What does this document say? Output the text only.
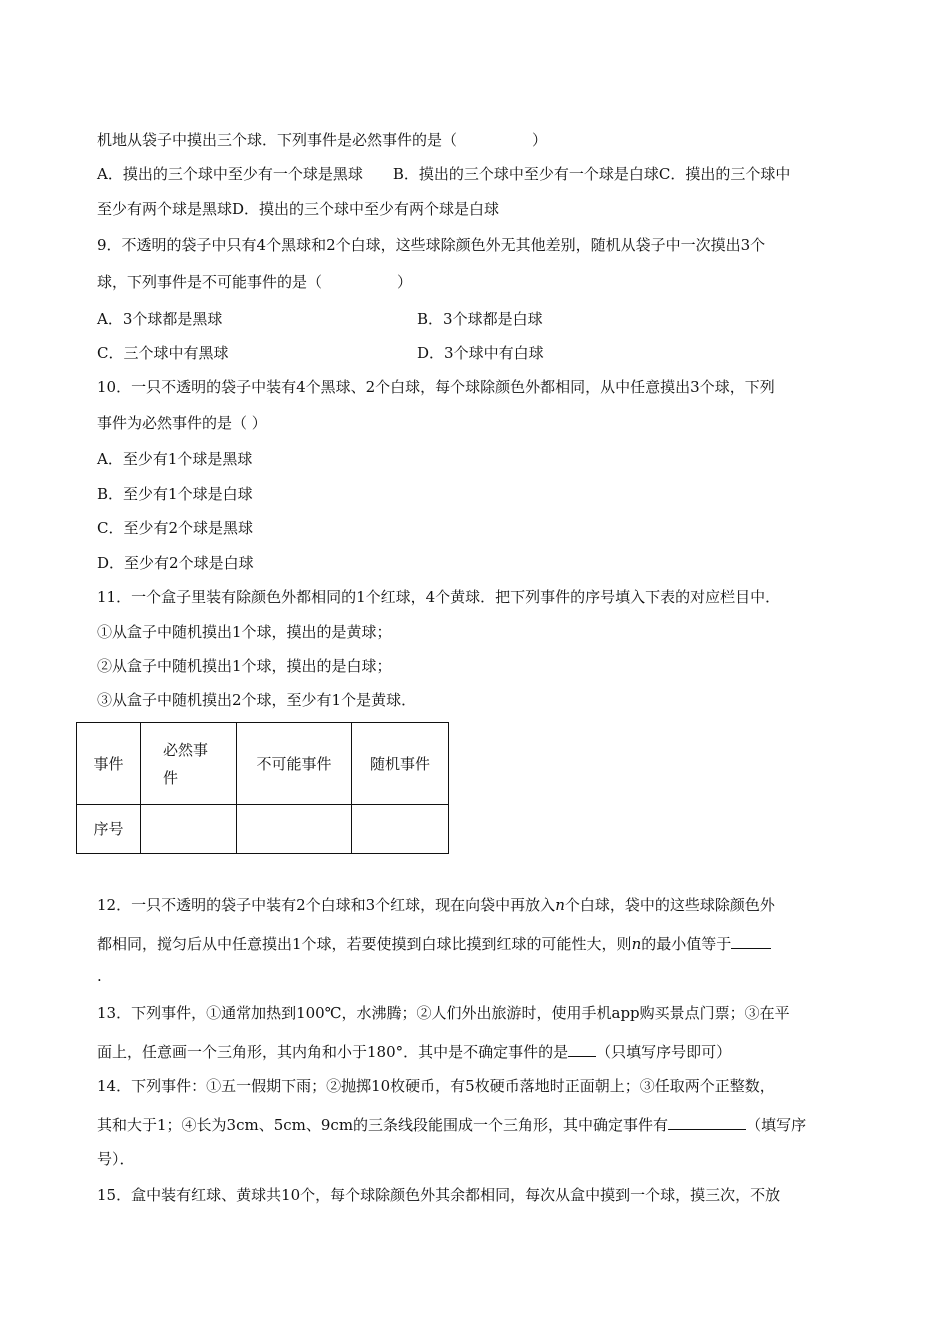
机地从袋子中摸出三个球．下列事件是必然事件的是（　　　　　）
A．摸出的三个球中至少有一个球是黑球　　B．摸出的三个球中至少有一个球是白球C．摸出的三个球中
至少有两个球是黑球D．摸出的三个球中至少有两个球是白球
9．不透明的袋子中只有4个黑球和2个白球，这些球除颜色外无其他差别，随机从袋子中一次摸出3个
球，下列事件是不可能事件的是（　　　　　）
A．3个球都是黑球	B．3个球都是白球
C．三个球中有黑球	D．3个球中有白球
10．一只不透明的袋子中装有4个黑球、2个白球，每个球除颜色外都相同，从中任意摸出3个球，下列
事件为必然事件的是（ ）
A．至少有1个球是黑球
B．至少有1个球是白球
C．至少有2个球是黑球
D．至少有2个球是白球
11．一个盒子里装有除颜色外都相同的1个红球，4个黄球．把下列事件的序号填入下表的对应栏目中．
①从盒子中随机摸出1个球，摸出的是黄球；
②从盒子中随机摸出1个球，摸出的是白球；
③从盒子中随机摸出2个球，至少有1个是黄球．
事件	必然事
件	不可能事件	随机事件
序号			
12．一只不透明的袋子中装有2个白球和3个红球，现在向袋中再放入n个白球，袋中的这些球除颜色外
都相同，搅匀后从中任意摸出1个球，若要使摸到白球比摸到红球的可能性大，则n的最小值等于
.
13．下列事件，①通常加热到100℃，水沸腾；②人们外出旅游时，使用手机app购买景点门票；③在平
面上，任意画一个三角形，其内角和小于180°．其中是不确定事件的是 （只填写序号即可）
14．下列事件：①五一假期下雨；②抛掷10枚硬币，有5枚硬币落地时正面朝上；③任取两个正整数，
其和大于1；④长为3cm、5cm、9cm的三条线段能围成一个三角形，其中确定事件有	（填写序
号）．
15．盒中装有红球、黄球共10个，每个球除颜色外其余都相同，每次从盒中摸到一个球，摸三次，不放
